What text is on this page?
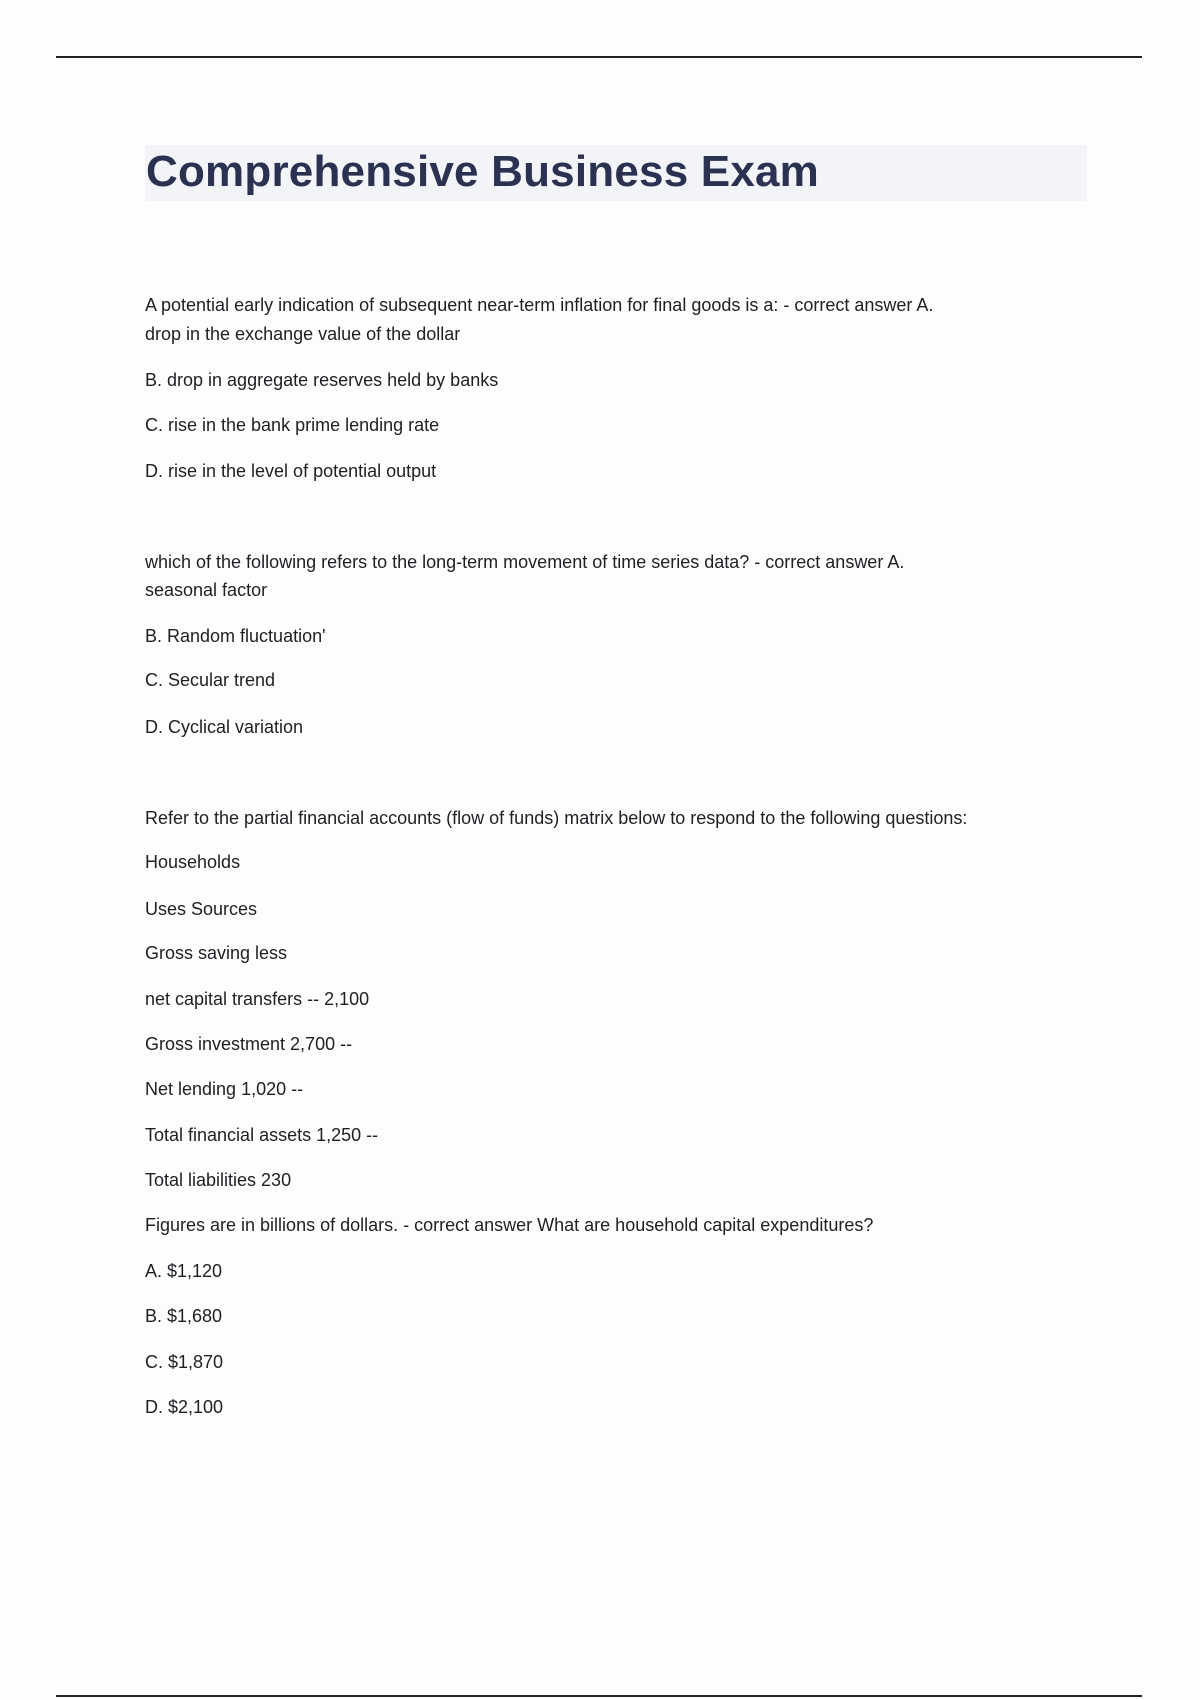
Comprehensive Business Exam
A potential early indication of subsequent near-term inflation for final goods is a: - correct answer A.
drop in the exchange value of the dollar
B. drop in aggregate reserves held by banks
C. rise in the bank prime lending rate
D. rise in the level of potential output
which of the following refers to the long-term movement of time series data? - correct answer A.
seasonal factor
B. Random fluctuation'
C. Secular trend
D. Cyclical variation
Refer to the partial financial accounts (flow of funds) matrix below to respond to the following questions:
Households
Uses Sources
Gross saving less
net capital transfers -- 2,100
Gross investment 2,700 --
Net lending 1,020 --
Total financial assets 1,250 --
Total liabilities 230
Figures are in billions of dollars. - correct answer What are household capital expenditures?
A. $1,120
B. $1,680
C. $1,870
D. $2,100
